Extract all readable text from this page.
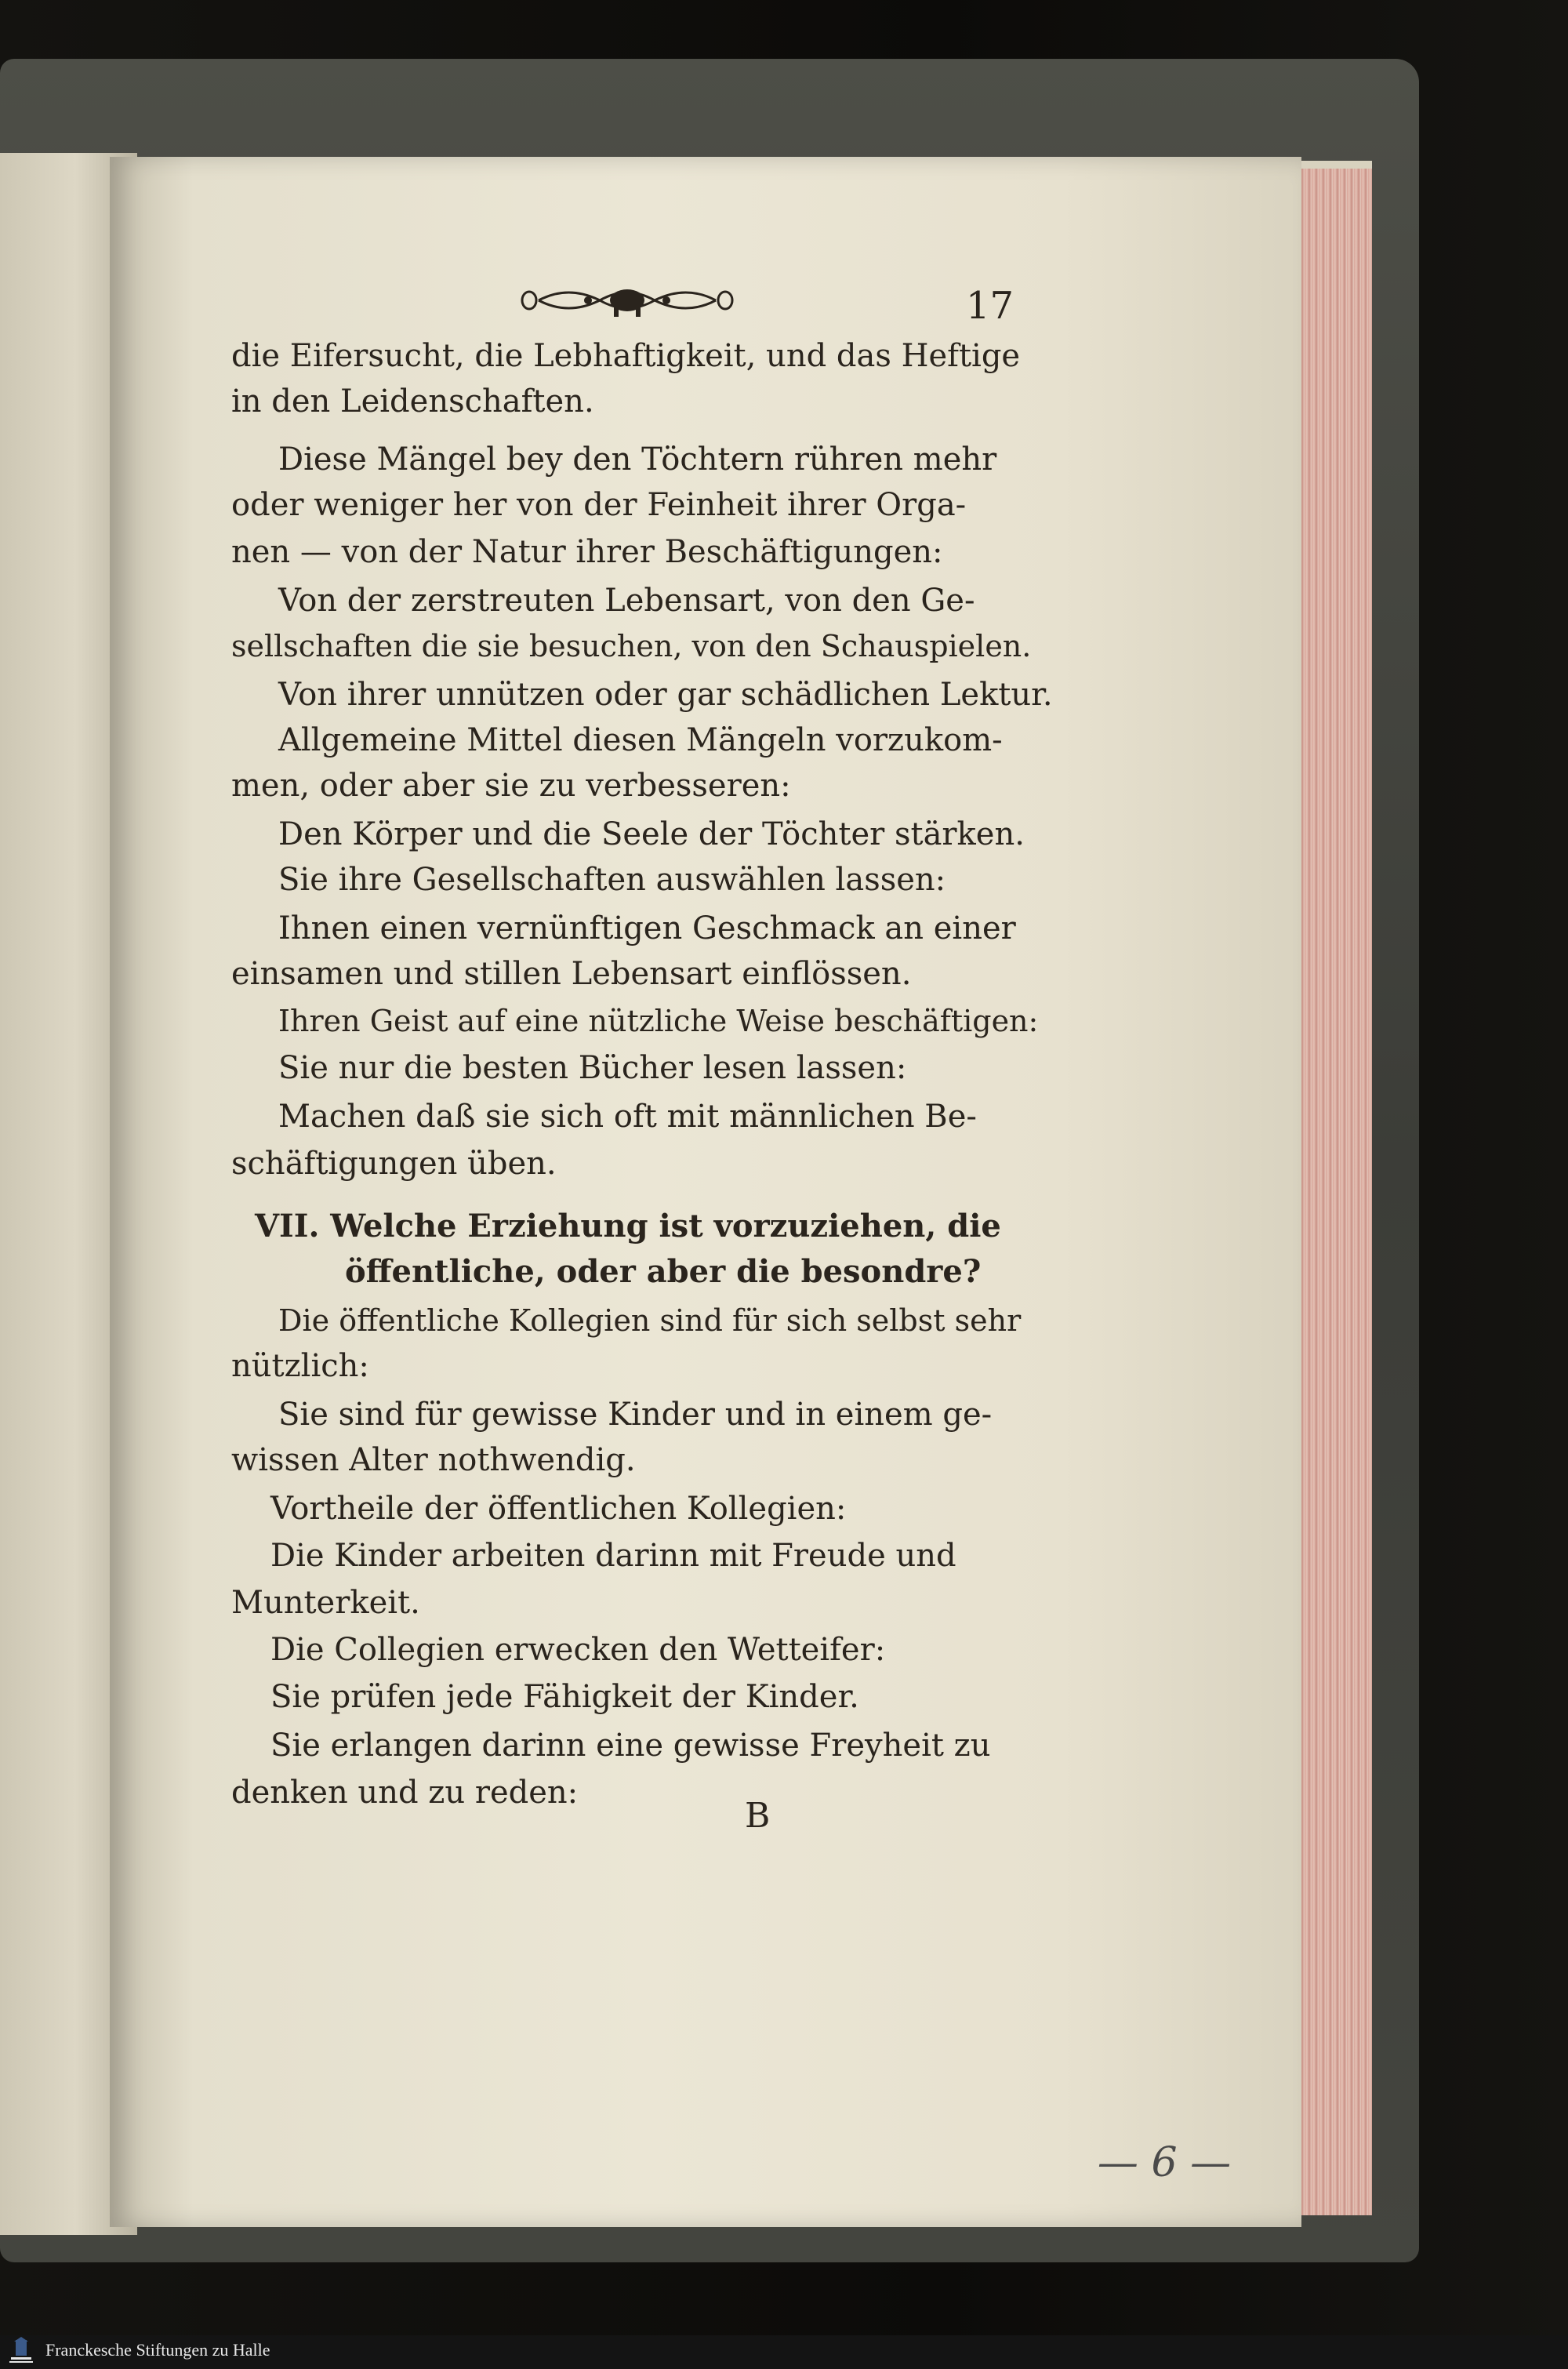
17
die Eifersucht, die Lebhaftigkeit, und das Heftige
in den Leidenschaften.
Diese Mängel bey den Töchtern rühren mehr
oder weniger her von der Feinheit ihrer Orga-
nen — von der Natur ihrer Beschäftigungen:
Von der zerstreuten Lebensart, von den Ge-
sellschaften die sie besuchen, von den Schauspielen.
Von ihrer unnützen oder gar schädlichen Lektur.
Allgemeine Mittel diesen Mängeln vorzukom-
men, oder aber sie zu verbesseren:
Den Körper und die Seele der Töchter stärken.
Sie ihre Gesellschaften auswählen lassen:
Ihnen einen vernünftigen Geschmack an einer
einsamen und stillen Lebensart einflössen.
Ihren Geist auf eine nützliche Weise beschäftigen:
Sie nur die besten Bücher lesen lassen:
Machen daß sie sich oft mit männlichen Be-
schäftigungen üben.
VII. Welche Erziehung ist vorzuziehen, die
öffentliche, oder aber die besondre?
Die öffentliche Kollegien sind für sich selbst sehr
nützlich:
Sie sind für gewisse Kinder und in einem ge-
wissen Alter nothwendig.
Vortheile der öffentlichen Kollegien:
Die Kinder arbeiten darinn mit Freude und
Munterkeit.
Die Collegien erwecken den Wetteifer:
Sie prüfen jede Fähigkeit der Kinder.
Sie erlangen darinn eine gewisse Freyheit zu
denken und zu reden:
B
— 6 —
Franckesche Stiftungen zu Halle
